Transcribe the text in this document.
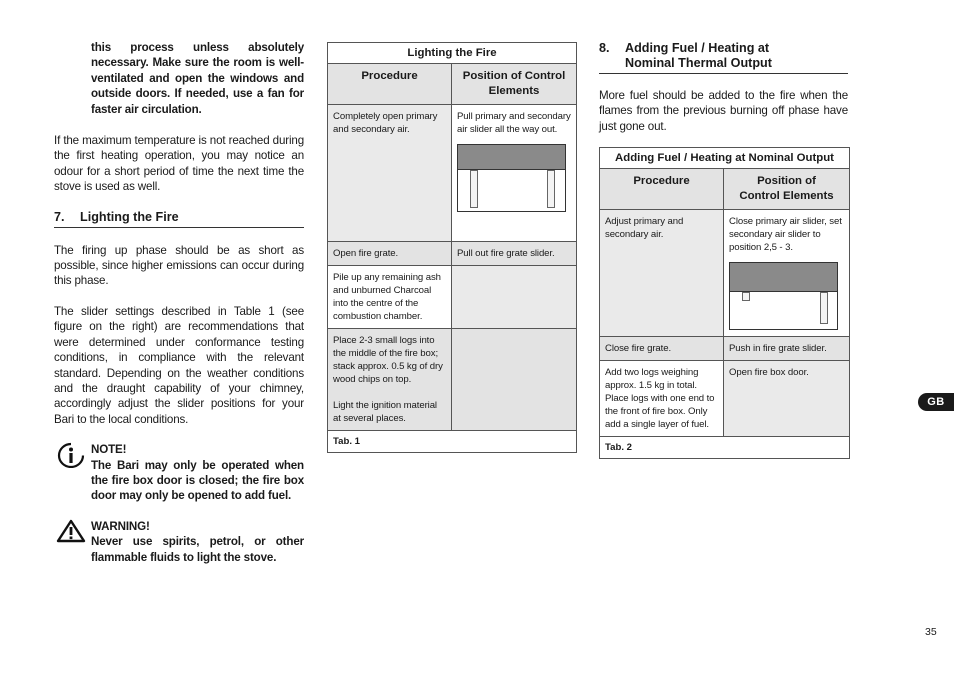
this process unless absolutely necessary. Make sure the room is well-ventilated and open the windows and outside doors. If needed, use a fan for faster air circulation.

If the maximum temperature is not reached during the first heating operation, you may notice an odour for a short period of time the next time the stove is used as well.

7.	Lighting the Fire

The firing up phase should be as short as possible, since higher emissions can occur during this phase.

The slider settings described in Table 1 (see figure on the right) are recommendations that were determined under conformance testing conditions, in compliance with the relevant standard. Depending on the weather conditions and the draught capability of your chimney, accordingly adjust the slider positions for your Bari to the local conditions.

NOTE!

The Bari may only be operated when the fire box door is closed; the fire box door may only be opened to add fuel.

WARNING!

Never use spirits, petrol, or other flammable fluids to light the stove.

Lighting the Fire	
Procedure	Position of Control Elements
Completely open primary and secondary air.	Pull primary and secondary air slider all the way out.

Open fire grate.	Pull out fire grate slider.
Pile up any remaining ash and unburned Charcoal into the centre of the combustion chamber.	

Place 2-3 small logs into the middle of the fire box; stack approx. 0.5 kg of dry wood chips on top.
Light the ignition material at several places.	

Tab. 1	
8.	Adding Fuel / Heating at
Nominal Thermal Output

More fuel should be added to the fire when the flames from the previous burning off phase have just gone out.

Adding Fuel / Heating at Nominal Output	
Procedure	Position of
Control Elements

Adjust primary and secondary air.	Close primary air slider, set secondary air slider to position 2,5 - 3.

Close fire grate.	Push in fire grate slider.
Add two logs weighing approx. 1.5 kg in total. Place logs with one end to the front of fire box. Only add a single layer of fuel.	Open fire box door.
Tab. 2	
GB
35
